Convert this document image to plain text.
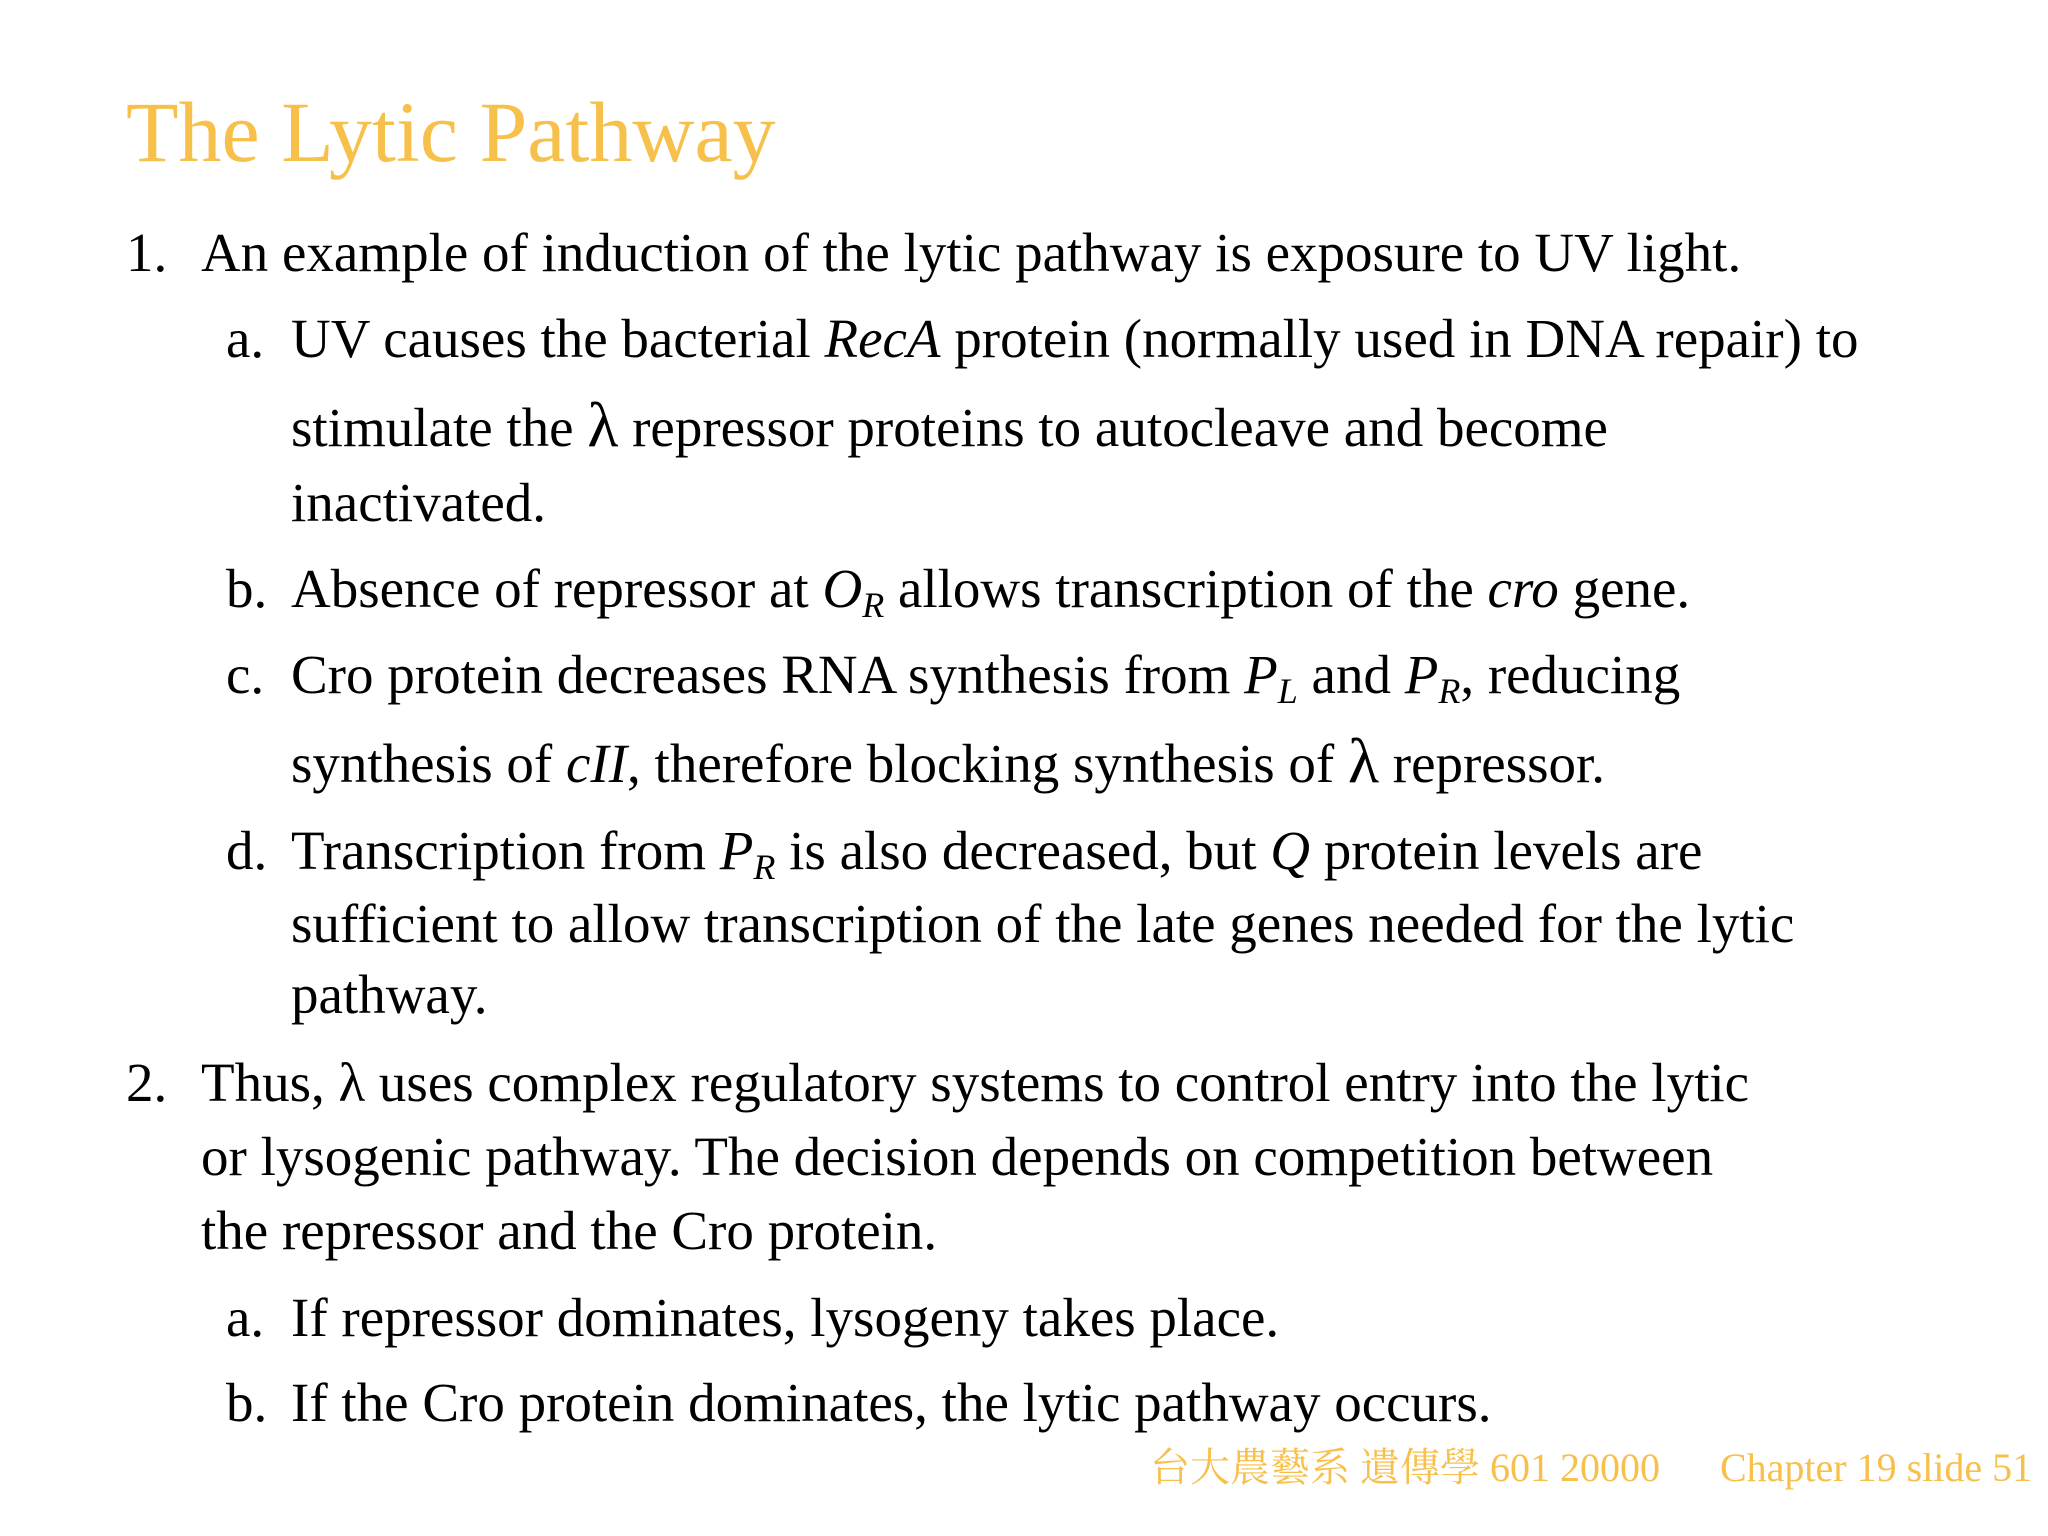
The Lytic Pathway
1. An example of induction of the lytic pathway is exposure to UV light.
a. UV causes the bacterial RecA protein (normally used in DNA repair) to
stimulate the λ repressor proteins to autocleave and become
inactivated.
b. Absence of repressor at $O_R$ allows transcription of the cro gene.
c. Cro protein decreases RNA synthesis from $P_L$ and $P_R$, reducing
synthesis of cII, therefore blocking synthesis of λ repressor.
d. Transcription from $P_R$ is also decreased, but Q protein levels are
sufficient to allow transcription of the late genes needed for the lytic
pathway.
2. Thus, λ uses complex regulatory systems to control entry into the lytic
or lysogenic pathway. The decision depends on competition between
the repressor and the Cro protein.
a. If repressor dominates, lysogeny takes place.
b. If the Cro protein dominates, the lytic pathway occurs.
台大農藝系 遺傳學 601 20000 Chapter 19 slide 51
